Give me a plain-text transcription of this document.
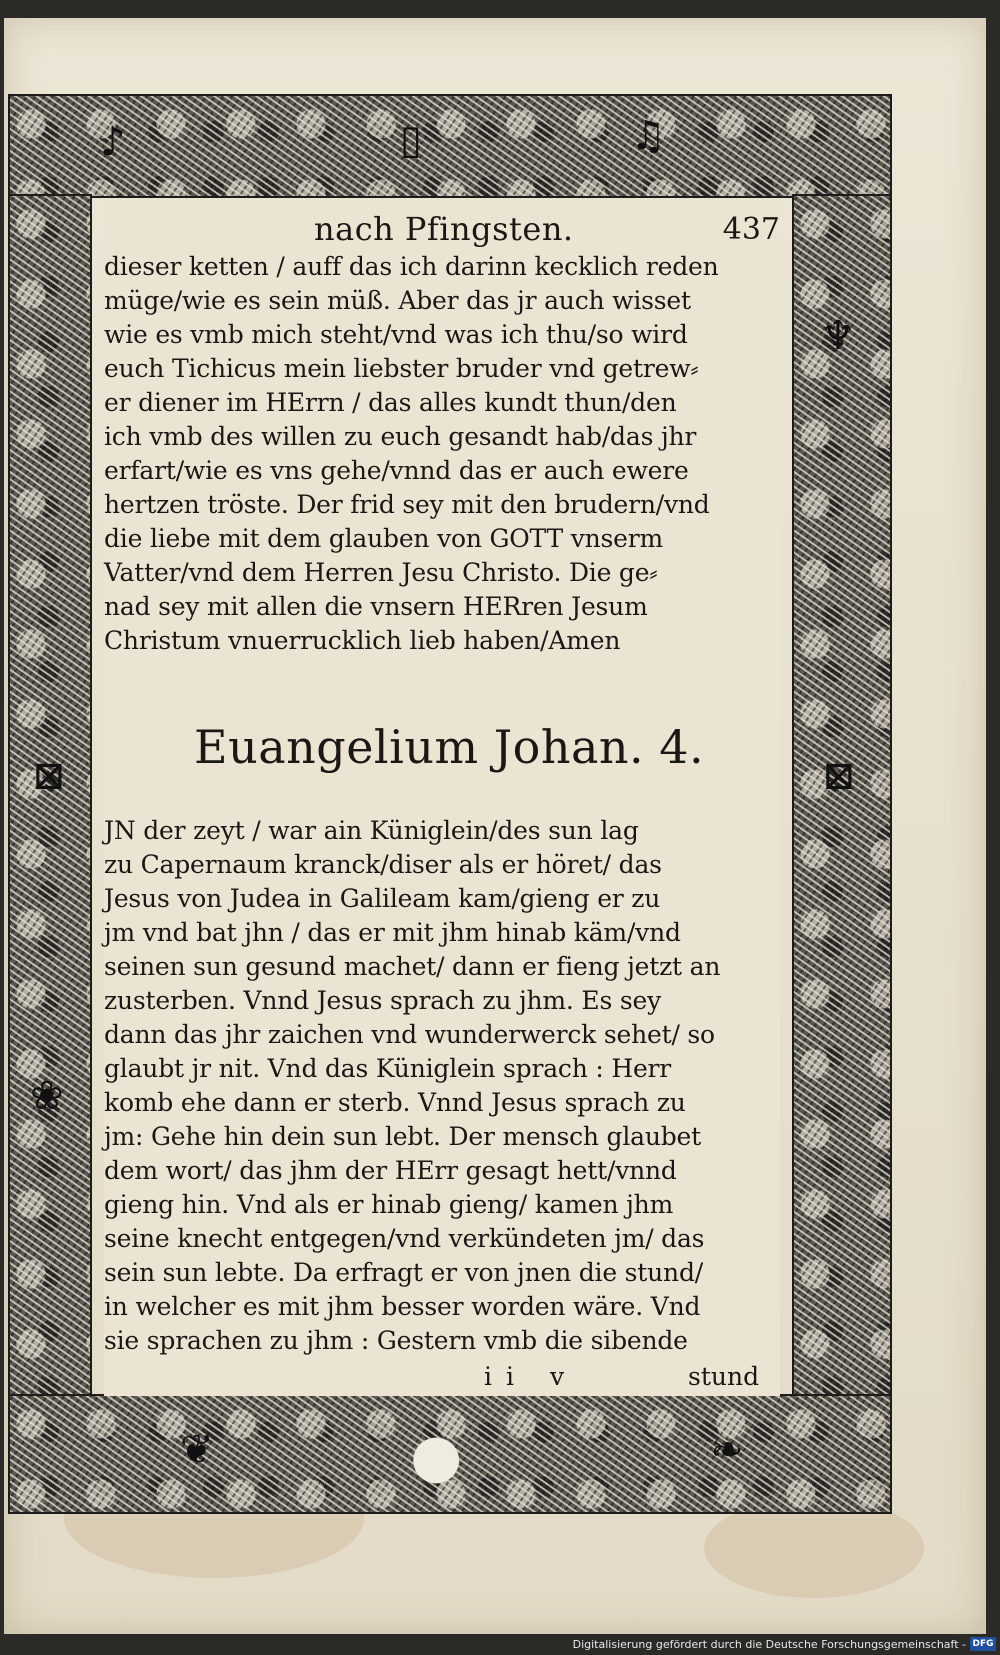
▯	♫
♪
⊠
❀
⊠
♆
●
❦	❧
nach Pfingsten.	437
dieser ketten / auff das ich darinn kecklich reden
müge/wie es sein müß. Aber das jr auch wisset
wie es vmb mich steht/vnd was ich thu/so wird
euch Tichicus mein liebster bruder vnd getrew⸗
er diener im HErrn / das alles kundt thun/den
ich vmb des willen zu euch gesandt hab/das jhr
erfart/wie es vns gehe/vnnd das er auch ewere
hertzen tröste. Der frid sey mit den brudern/vnd
die liebe mit dem glauben von GOTT vnserm
Vatter/vnd dem Herren Jesu Christo. Die ge⸗
nad sey mit allen die vnsern HERren Jesum
Christum vnuerrucklich lieb haben/Amen
Euangelium Johan. 4.
JN der zeyt / war ain Küniglein/des sun lag
zu Capernaum kranck/diser als er höret/ das
Jesus von Judea in Galileam kam/gieng er zu
jm vnd bat jhn / das er mit jhm hinab käm/vnd
seinen sun gesund machet/ dann er fieng jetzt an
zusterben. Vnnd Jesus sprach zu jhm. Es sey
dann das jhr zaichen vnd wunderwerck sehet/ so
glaubt jr nit. Vnd das Küniglein sprach : Herr
komb ehe dann er sterb. Vnnd Jesus sprach zu
jm: Gehe hin dein sun lebt. Der mensch glaubet
dem wort/ das jhm der HErr gesagt hett/vnnd
gieng hin. Vnd als er hinab gieng/ kamen jhm
seine knecht entgegen/vnd verkündeten jm/ das
sein sun lebte. Da erfragt er von jnen die stund/
in welcher es mit jhm besser worden wäre. Vnd
sie sprachen zu jhm : Gestern vmb die sibende
ii v	stund
Digitalisierung gefördert durch die Deutsche Forschungsgemeinschaft - DFG
